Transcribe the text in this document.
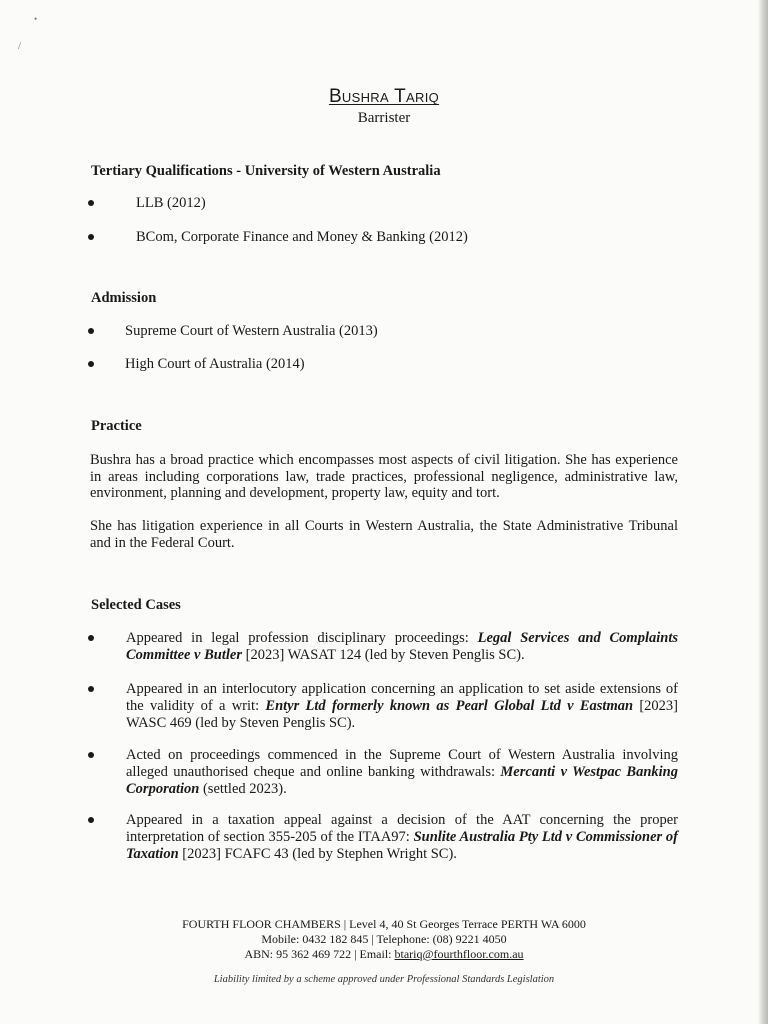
•
/
Bushra Tariq
Barrister
Tertiary Qualifications - University of Western Australia
LLB (2012)
BCom, Corporate Finance and Money & Banking (2012)
Admission
Supreme Court of Western Australia (2013)
High Court of Australia (2014)
Practice
Bushra has a broad practice which encompasses most aspects of civil litigation. She has experience in areas including corporations law, trade practices, professional negligence, administrative law, environment, planning and development, property law, equity and tort.
She has litigation experience in all Courts in Western Australia, the State Administrative Tribunal and in the Federal Court.
Selected Cases
Appeared in legal profession disciplinary proceedings: Legal Services and Complaints Committee v Butler [2023] WASAT 124 (led by Steven Penglis SC).
Appeared in an interlocutory application concerning an application to set aside extensions of the validity of a writ: Entyr Ltd formerly known as Pearl Global Ltd v Eastman [2023] WASC 469 (led by Steven Penglis SC).
Acted on proceedings commenced in the Supreme Court of Western Australia involving alleged unauthorised cheque and online banking withdrawals: Mercanti v Westpac Banking Corporation (settled 2023).
Appeared in a taxation appeal against a decision of the AAT concerning the proper interpretation of section 355-205 of the ITAA97: Sunlite Australia Pty Ltd v Commissioner of Taxation [2023] FCAFC 43 (led by Stephen Wright SC).
FOURTH FLOOR CHAMBERS | Level 4, 40 St Georges Terrace PERTH WA 6000
Mobile: 0432 182 845 | Telephone: (08) 9221 4050
ABN: 95 362 469 722 | Email: btariq@fourthfloor.com.au
Liability limited by a scheme approved under Professional Standards Legislation
